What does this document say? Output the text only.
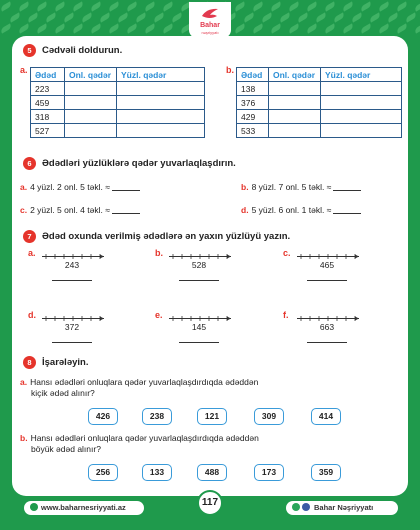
Bahar
nəşriyyatı
5	Cədvəli doldurun.
a. Ədəd	Onl. qədər	Yüzl. qədər
223		
459		
318		
527		
b. Ədəd	Onl. qədər	Yüzl. qədər
138		
376		
429		
533		
6	Ədədləri yüzlüklərə qədər yuvarlaqlaşdırın.
a. 4 yüzl. 2 onl. 5 təkl. ≈	b. 8 yüzl. 7 onl. 5 təkl. ≈
c. 2 yüzl. 5 onl. 4 təkl. ≈	d. 5 yüzl. 6 onl. 1 təkl. ≈
7	Ədəd oxunda verilmiş ədədlərə ən yaxın yüzlüyü yazın.
a.
243
b.
528
c.
465
d.
372
e.
145
f.
663
8	İşarələyin.
a. Hansı ədədləri onluqlara qədər yuvarlaqlaşdırdıqda ədəddən
kiçik ədəd alınır?
426	238	121	309	414
b. Hansı ədədləri onluqlara qədər yuvarlaqlaşdırdıqda ədəddən
böyük ədəd alınır?
256	133	488	173	359
www.baharnesriyyati.az	Bahar Nəşriyyatı
117
